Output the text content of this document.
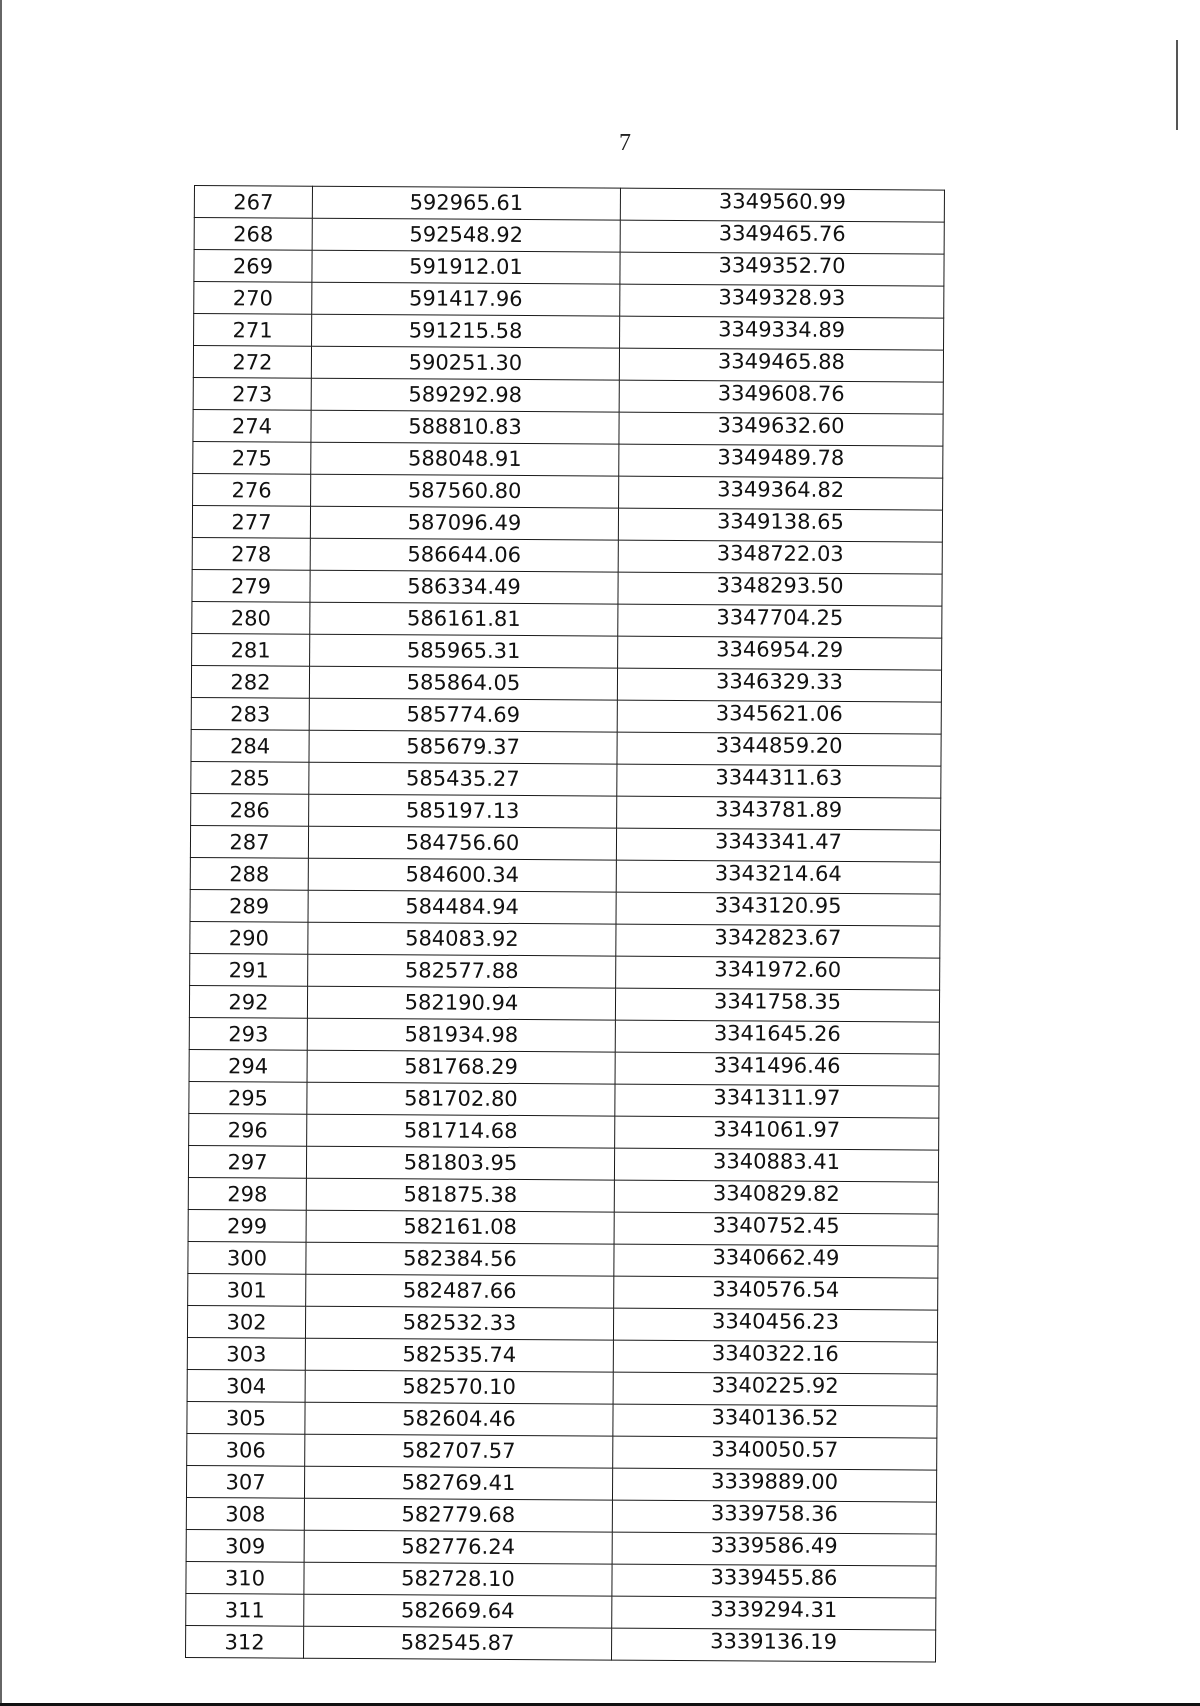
7
267	592965.61	3349560.99
268	592548.92	3349465.76
269	591912.01	3349352.70
270	591417.96	3349328.93
271	591215.58	3349334.89
272	590251.30	3349465.88
273	589292.98	3349608.76
274	588810.83	3349632.60
275	588048.91	3349489.78
276	587560.80	3349364.82
277	587096.49	3349138.65
278	586644.06	3348722.03
279	586334.49	3348293.50
280	586161.81	3347704.25
281	585965.31	3346954.29
282	585864.05	3346329.33
283	585774.69	3345621.06
284	585679.37	3344859.20
285	585435.27	3344311.63
286	585197.13	3343781.89
287	584756.60	3343341.47
288	584600.34	3343214.64
289	584484.94	3343120.95
290	584083.92	3342823.67
291	582577.88	3341972.60
292	582190.94	3341758.35
293	581934.98	3341645.26
294	581768.29	3341496.46
295	581702.80	3341311.97
296	581714.68	3341061.97
297	581803.95	3340883.41
298	581875.38	3340829.82
299	582161.08	3340752.45
300	582384.56	3340662.49
301	582487.66	3340576.54
302	582532.33	3340456.23
303	582535.74	3340322.16
304	582570.10	3340225.92
305	582604.46	3340136.52
306	582707.57	3340050.57
307	582769.41	3339889.00
308	582779.68	3339758.36
309	582776.24	3339586.49
310	582728.10	3339455.86
311	582669.64	3339294.31
312	582545.87	3339136.19
